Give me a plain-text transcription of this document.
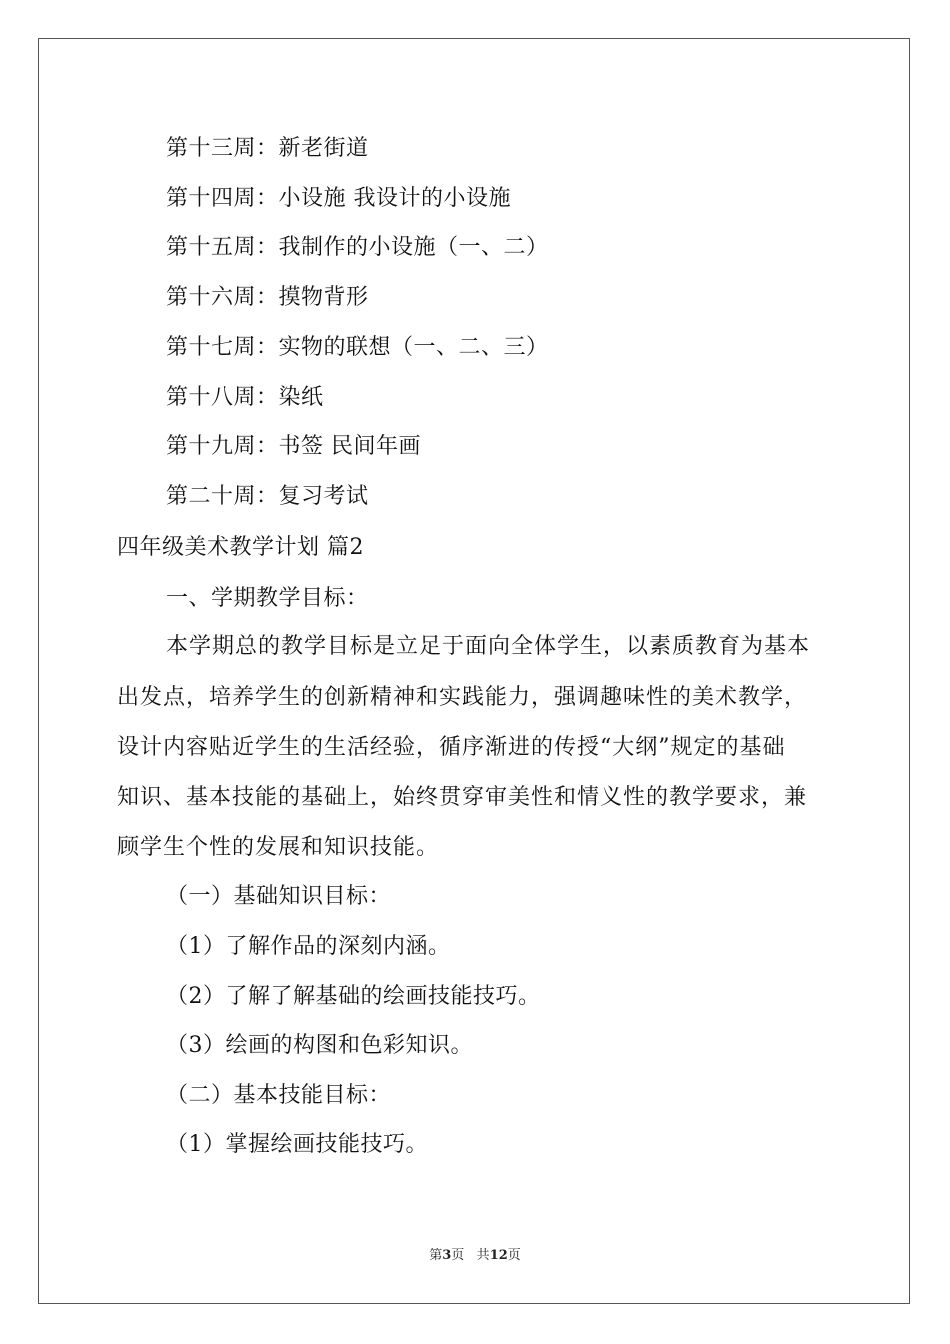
第十三周：新老街道
第十四周：小设施 我设计的小设施
第十五周：我制作的小设施（一、二）
第十六周：摸物背形
第十七周：实物的联想（一、二、三）
第十八周：染纸
第十九周：书签 民间年画
第二十周：复习考试
四年级美术教学计划 篇2
一、学期教学目标：
本学期总的教学目标是立足于面向全体学生，以素质教育为基本
出发点，培养学生的创新精神和实践能力，强调趣味性的美术教学，
设计内容贴近学生的生活经验，循序渐进的传授“大纲”规定的基础
知识、基本技能的基础上，始终贯穿审美性和情义性的教学要求，兼
顾学生个性的发展和知识技能。
（一）基础知识目标：
（1）了解作品的深刻内涵。
（2）了解了解基础的绘画技能技巧。
（3）绘画的构图和色彩知识。
（二）基本技能目标：
（1）掌握绘画技能技巧。
第3页 共12页
